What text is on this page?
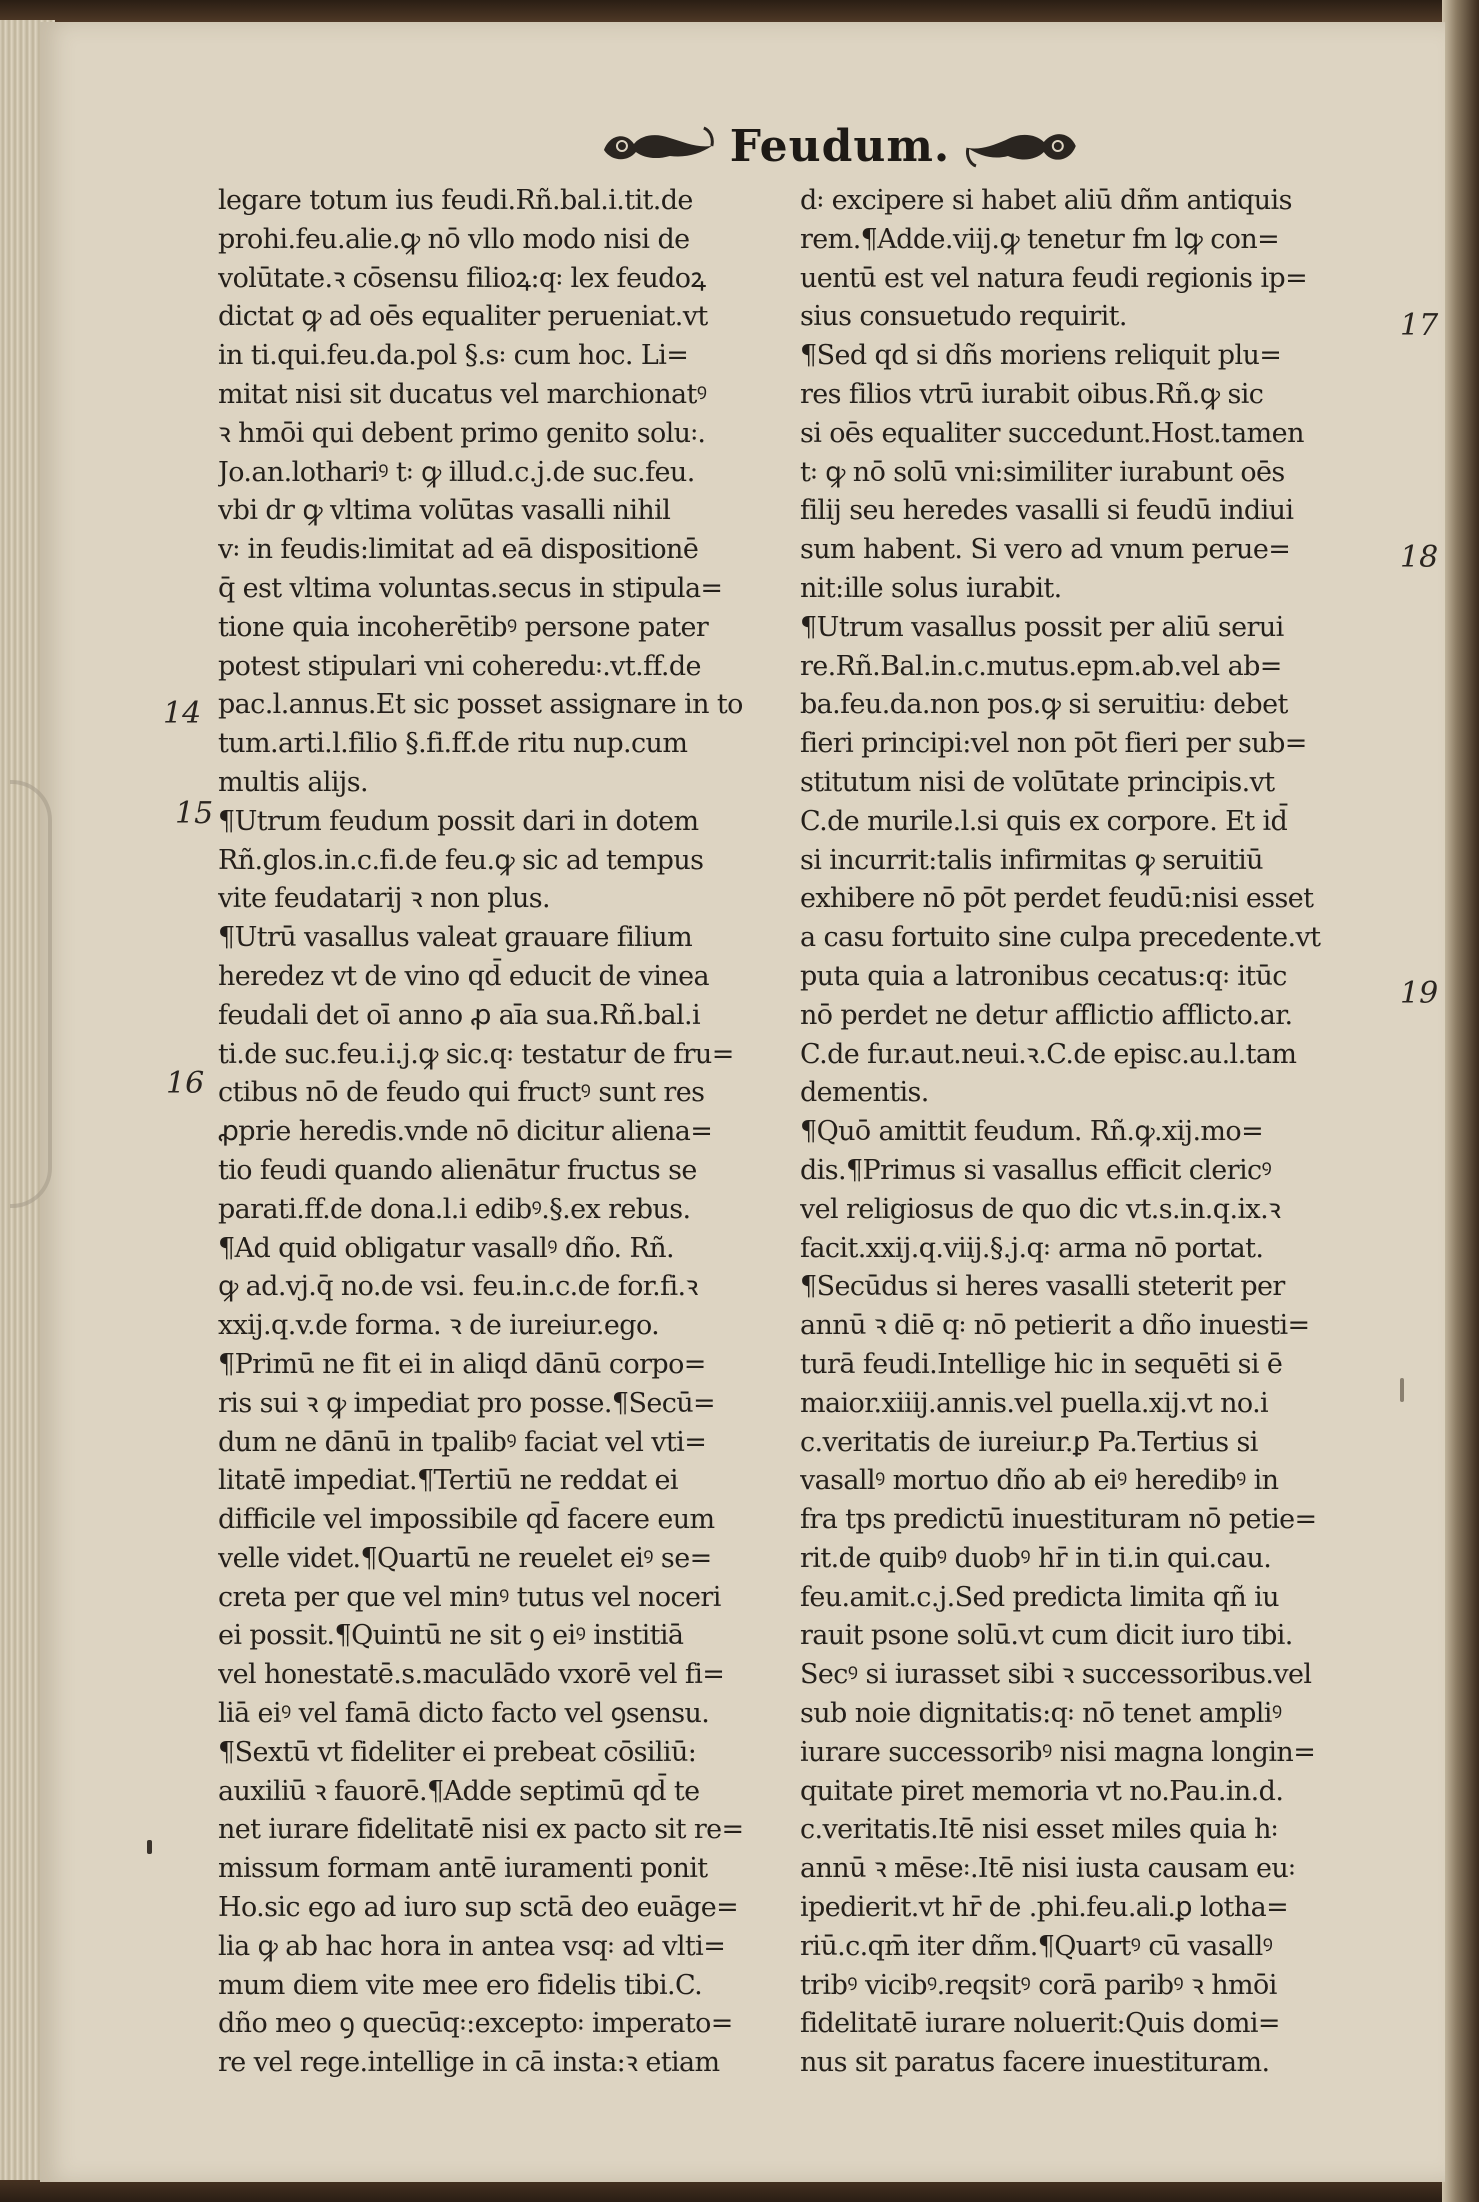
Feudum.
legare totum ius feudi.Rñ.bal.i.tit.de
prohi.feu.alie.ꝙ nō vllo modo nisi de
volūtate.ꝛ cōsensu filioꝝ:q꞉ lex feudoꝝ
dictat ꝙ ad oēs equaliter perueniat.vt
in ti.qui.feu.da.pol §.s꞉ cum hoc. Li=
mitat nisi sit ducatus vel marchionatꝰ
ꝛ hmōi qui debent primo genito solu꞉.
Jo.an.lothariꝰ t꞉ ꝙ illud.c.j.de suc.feu.
vbi dr ꝙ vltima volūtas vasalli nihil
v꞉ in feudis:limitat ad eā dispositionē
q̄ est vltima voluntas.secus in stipula=
tione quia incoherētibꝰ persone pater
potest stipulari vni coheredu꞉.vt.ff.de
pac.l.annus.Et sic posset assignare in to
tum.arti.l.filio §.fi.ff.de ritu nup.cum
multis alijs.
¶Utrum feudum possit dari in dotem
Rñ.glos.in.c.fi.de feu.ꝙ sic ad tempus
vite feudatarij ꝛ non plus.
¶Utrū vasallus valeat grauare filium
heredez vt de vino qd̄ educit de vinea
feudali det oī anno ꝓ aīa sua.Rñ.bal.i
ti.de suc.feu.i.j.ꝙ sic.q꞉ testatur de fru=
ctibus nō de feudo qui fructꝰ sunt res
ꝓprie heredis.vnde nō dicitur aliena=
tio feudi quando alienātur fructus se
parati.ff.de dona.l.i edibꝰ.§.ex rebus.
¶Ad quid obligatur vasallꝰ dño. Rñ.
ꝙ ad.vj.q̄ no.de vsi. feu.in.c.de for.fi.ꝛ
xxij.q.v.de forma. ꝛ de iureiur.ego.
¶Primū ne fit ei in aliqd dānū corpo=
ris sui ꝛ ꝙ impediat pro posse.¶Secū=
dum ne dānū in tpalibꝰ faciat vel vti=
litatē impediat.¶Tertiū ne reddat ei
difficile vel impossibile qd̄ facere eum
velle videt.¶Quartū ne reuelet eiꝰ se=
creta per que vel minꝰ tutus vel noceri
ei possit.¶Quintū ne sit ꝯ eiꝰ institiā
vel honestatē.s.maculādo vxorē vel fi=
liā eiꝰ vel famā dicto facto vel ꝯsensu.
¶Sextū vt fideliter ei prebeat cōsiliū:
auxiliū ꝛ fauorē.¶Adde septimū qd̄ te
net iurare fidelitatē nisi ex pacto sit re=
missum formam antē iuramenti ponit
Ho.sic ego ad iuro sup sctā deo euāge=
lia ꝙ ab hac hora in antea vsq꞉ ad vlti=
mum diem vite mee ero fidelis tibi.C.
dño meo ꝯ quecūq꞉:excepto꞉ imperato=
re vel rege.intellige in cā insta:ꝛ etiam
d꞉ excipere si habet aliū dñm antiquis
rem.¶Adde.viij.ꝙ tenetur fm lꝙ con=
uentū est vel natura feudi regionis ip=
sius consuetudo requirit.
¶Sed qd si dñs moriens reliquit plu=
res filios vtrū iurabit oibus.Rñ.ꝙ sic
si oēs equaliter succedunt.Host.tamen
t꞉ ꝙ nō solū vni:similiter iurabunt oēs
filij seu heredes vasalli si feudū indiui
sum habent. Si vero ad vnum perue=
nit:ille solus iurabit.
¶Utrum vasallus possit per aliū serui
re.Rñ.Bal.in.c.mutus.epm.ab.vel ab=
ba.feu.da.non pos.ꝙ si seruitiu꞉ debet
fieri principi:vel non pōt fieri per sub=
stitutum nisi de volūtate principis.vt
C.de murile.l.si quis ex corpore. Et id̄
si incurrit:talis infirmitas ꝙ seruitiū
exhibere nō pōt perdet feudū:nisi esset
a casu fortuito sine culpa precedente.vt
puta quia a latronibus cecatus:q꞉ itūc
nō perdet ne detur afflictio afflicto.ar.
C.de fur.aut.neui.ꝛ.C.de episc.au.l.tam
dementis.
¶Quō amittit feudum. Rñ.ꝙ.xij.mo=
dis.¶Primus si vasallus efficit clericꝰ
vel religiosus de quo dic vt.s.in.q.ix.ꝛ
facit.xxij.q.viij.§.j.q꞉ arma nō portat.
¶Secūdus si heres vasalli steterit per
annū ꝛ diē q꞉ nō petierit a dño inuesti=
turā feudi.Intellige hic in sequēti si ē
maior.xiiij.annis.vel puella.xij.vt no.i
c.veritatis de iureiur.ꝑ Pa.Tertius si
vasallꝰ mortuo dño ab eiꝰ heredibꝰ in
fra tps predictū inuestituram nō petie=
rit.de quibꝰ duobꝰ hr̄ in ti.in qui.cau.
feu.amit.c.j.Sed predicta limita qñ iu
rauit psone solū.vt cum dicit iuro tibi.
Secꝰ si iurasset sibi ꝛ successoribus.vel
sub noie dignitatis:q꞉ nō tenet ampliꝰ
iurare successoribꝰ nisi magna longin=
quitate piret memoria vt no.Pau.in.d.
c.veritatis.Itē nisi esset miles quia h꞉
annū ꝛ mēse꞉.Itē nisi iusta causam eu꞉
ipedierit.vt hr̄ de .phi.feu.ali.ꝑ lotha=
riū.c.qm̄ iter dñm.¶Quartꝰ cū vasallꝰ
tribꝰ vicibꝰ.reqsitꝰ corā paribꝰ ꝛ hmōi
fidelitatē iurare noluerit:Quis domi=
nus sit paratus facere inuestituram.
14
15
16
17
18
19
